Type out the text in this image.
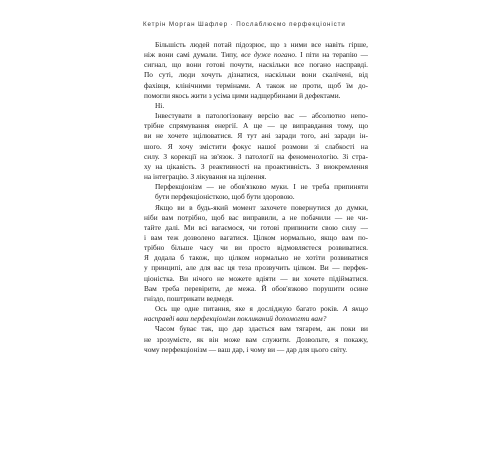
Кетрін Морган Шафлер · Послаблюємо перфекціоністи
Більшість людей потай підозрює, що з ними все навіть гірше,
ніж вони самі думали. Типу, все дуже погано. І піти на терапію —
сигнал, що вони готові почути, наскільки все погано насправді.
По суті, люди хочуть дізнатися, наскільки вони скалічені, від
фахівця, клінічними термінами. А також не проти, щоб їм до-
помогли якось жити з усіма цими надщербинами й дефектами.
Ні.
Інвестувати в патологізовану версію вас — абсолютно непо-
трібне спрямування енергії. А ще — це виправдання тому, що
ви не хочете зцілюватися. Я тут ані заради того, ані заради ін-
шого. Я хочу змістити фокус нашої розмови зі слабкості на
силу. З корекції на зв'язок. З патології на феноменологію. Зі стра-
ху на цікавість. З реактивності на проактивність. З виокремлення
на інтеграцію. З лікування на зцілення.
Перфекціонізм — не обов'язково муки. І не треба припиняти
бути перфекціоністкою, щоб бути здоровою.
Якщо ви в будь-який момент захочете повернутися до думки,
ніби вам потрібно, щоб вас виправили, а не побачили — не чи-
тайте далі. Ми всі вагаємося, чи готові припинити свою силу —
і вам теж дозволено вагатися. Цілком нормально, якщо вам по-
трібно більше часу чи ви просто відмовляєтеся розвиватися.
Я додала б також, що цілком нормально не хотіти розвиватися
у принципі, але для вас ця теза прозвучить цілком. Ви — перфек-
ціоністка. Ви нічого не можете вдіяти — ви хочете підійматися.
Вам треба перевірити, де межа. Й обов'язково порушити осине
гніздо, поштрикати ведмедя.
Ось ще одне питання, яке я досліджую багато років. А якщо
насправді ваш перфекціонізм покликаний допомогти вам?
Часом буває так, що дар здається вам тягарем, аж поки ви
не зрозумієте, як він може вам служити. Дозвольте, я покажу,
чому перфекціонізм — ваш дар, і чому ви — дар для цього світу.
